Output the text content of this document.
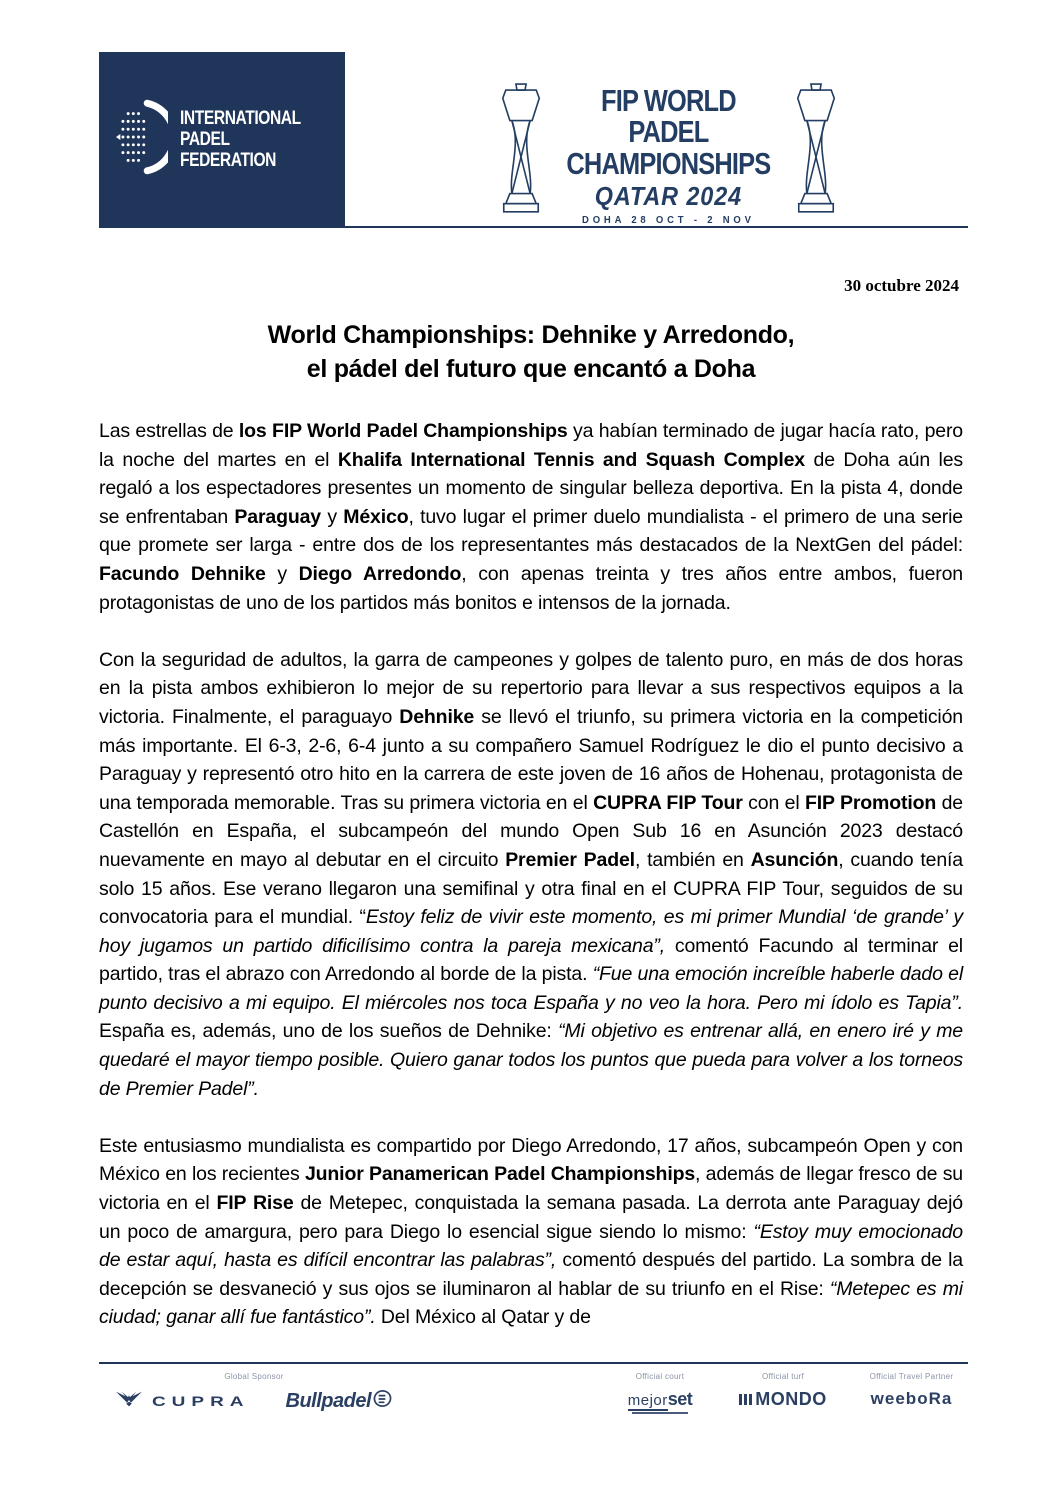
INTERNATIONAL
PADEL
FEDERATION
FIP WORLD PADEL
CHAMPIONSHIPS
QATAR 2024
DOHA 28 OCT - 2 NOV
30 octubre 2024
World Championships: Dehnike y Arredondo,
el pádel del futuro que encantó a Doha

Las estrellas de los FIP World Padel Championships ya habían terminado de jugar hacía rato, pero la noche del martes en el Khalifa International Tennis and Squash Complex de Doha aún les regaló a los espectadores presentes un momento de singular belleza deportiva. En la pista 4, donde se enfrentaban Paraguay y México, tuvo lugar el primer duelo mundialista - el primero de una serie que promete ser larga - entre dos de los representantes más destacados de la NextGen del pádel: Facundo Dehnike y Diego Arredondo, con apenas treinta y tres años entre ambos, fueron protagonistas de uno de los partidos más bonitos e intensos de la jornada.

Con la seguridad de adultos, la garra de campeones y golpes de talento puro, en más de dos horas en la pista ambos exhibieron lo mejor de su repertorio para llevar a sus respectivos equipos a la victoria. Finalmente, el paraguayo Dehnike se llevó el triunfo, su primera victoria en la competición más importante. El 6-3, 2-6, 6-4 junto a su compañero Samuel Rodríguez le dio el punto decisivo a Paraguay y representó otro hito en la carrera de este joven de 16 años de Hohenau, protagonista de una temporada memorable. Tras su primera victoria en el CUPRA FIP Tour con el FIP Promotion de Castellón en España, el subcampeón del mundo Open Sub 16 en Asunción 2023 destacó nuevamente en mayo al debutar en el circuito Premier Padel, también en Asunción, cuando tenía solo 15 años. Ese verano llegaron una semifinal y otra final en el CUPRA FIP Tour, seguidos de su convocatoria para el mundial. “Estoy feliz de vivir este momento, es mi primer Mundial ‘de grande’ y hoy jugamos un partido dificilísimo contra la pareja mexicana”, comentó Facundo al terminar el partido, tras el abrazo con Arredondo al borde de la pista. “Fue una emoción increíble haberle dado el punto decisivo a mi equipo. El miércoles nos toca España y no veo la hora. Pero mi ídolo es Tapia”. España es, además, uno de los sueños de Dehnike: “Mi objetivo es entrenar allá, en enero iré y me quedaré el mayor tiempo posible. Quiero ganar todos los puntos que pueda para volver a los torneos de Premier Padel”.

Este entusiasmo mundialista es compartido por Diego Arredondo, 17 años, subcampeón Open y con México en los recientes Junior Panamerican Padel Championships, además de llegar fresco de su victoria en el FIP Rise de Metepec, conquistada la semana pasada. La derrota ante Paraguay dejó un poco de amargura, pero para Diego lo esencial sigue siendo lo mismo: “Estoy muy emocionado de estar aquí, hasta es difícil encontrar las palabras”, comentó después del partido. La sombra de la decepción se desvaneció y sus ojos se iluminaron al hablar de su triunfo en el Rise: “Metepec es mi ciudad; ganar allí fue fantástico”. Del México al Qatar y de

Global Sponsor
CUPRA Bullpadel
Official court
mejorset
Official turf
MONDO
Official Travel Partner
weeboRa
